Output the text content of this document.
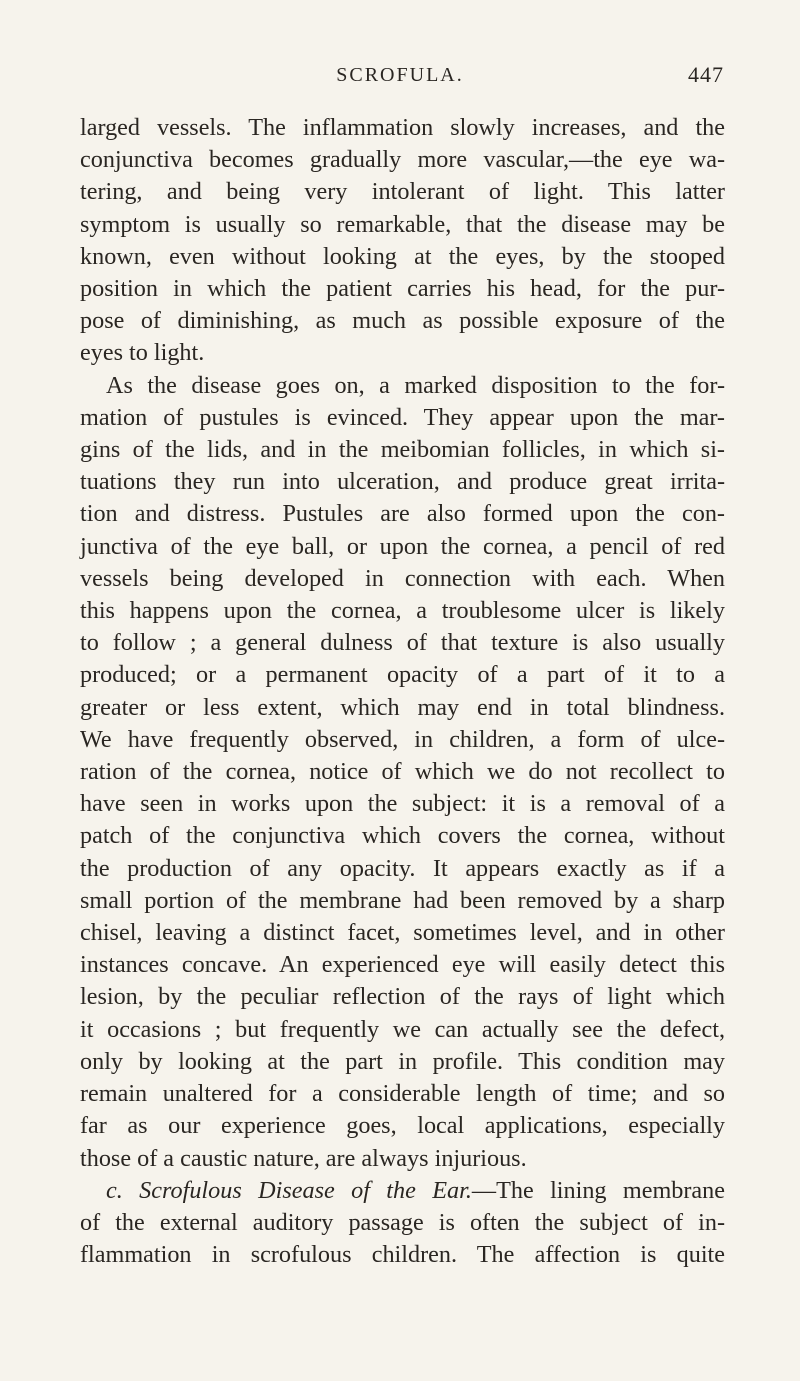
SCROFULA.	447

larged vessels. The inflammation slowly increases, and the

conjunctiva becomes gradually more vascular,—the eye wa-

tering, and being very intolerant of light. This latter

symptom is usually so remarkable, that the disease may be

known, even without looking at the eyes, by the stooped

position in which the patient carries his head, for the pur-

pose of diminishing, as much as possible exposure of the

eyes to light.

As the disease goes on, a marked disposition to the for-

mation of pustules is evinced. They appear upon the mar-

gins of the lids, and in the meibomian follicles, in which si-

tuations they run into ulceration, and produce great irrita-

tion and distress. Pustules are also formed upon the con-

junctiva of the eye ball, or upon the cornea, a pencil of red

vessels being developed in connection with each. When

this happens upon the cornea, a troublesome ulcer is likely

to follow ; a general dulness of that texture is also usually

produced; or a permanent opacity of a part of it to a

greater or less extent, which may end in total blindness.

We have frequently observed, in children, a form of ulce-

ration of the cornea, notice of which we do not recollect to

have seen in works upon the subject: it is a removal of a

patch of the conjunctiva which covers the cornea, without

the production of any opacity. It appears exactly as if a

small portion of the membrane had been removed by a sharp

chisel, leaving a distinct facet, sometimes level, and in other

instances concave. An experienced eye will easily detect this

lesion, by the peculiar reflection of the rays of light which

it occasions ; but frequently we can actually see the defect,

only by looking at the part in profile. This condition may

remain unaltered for a considerable length of time; and so

far as our experience goes, local applications, especially

those of a caustic nature, are always injurious.

c. Scrofulous Disease of the Ear.—The lining membrane

of the external auditory passage is often the subject of in-

flammation in scrofulous children. The affection is quite
